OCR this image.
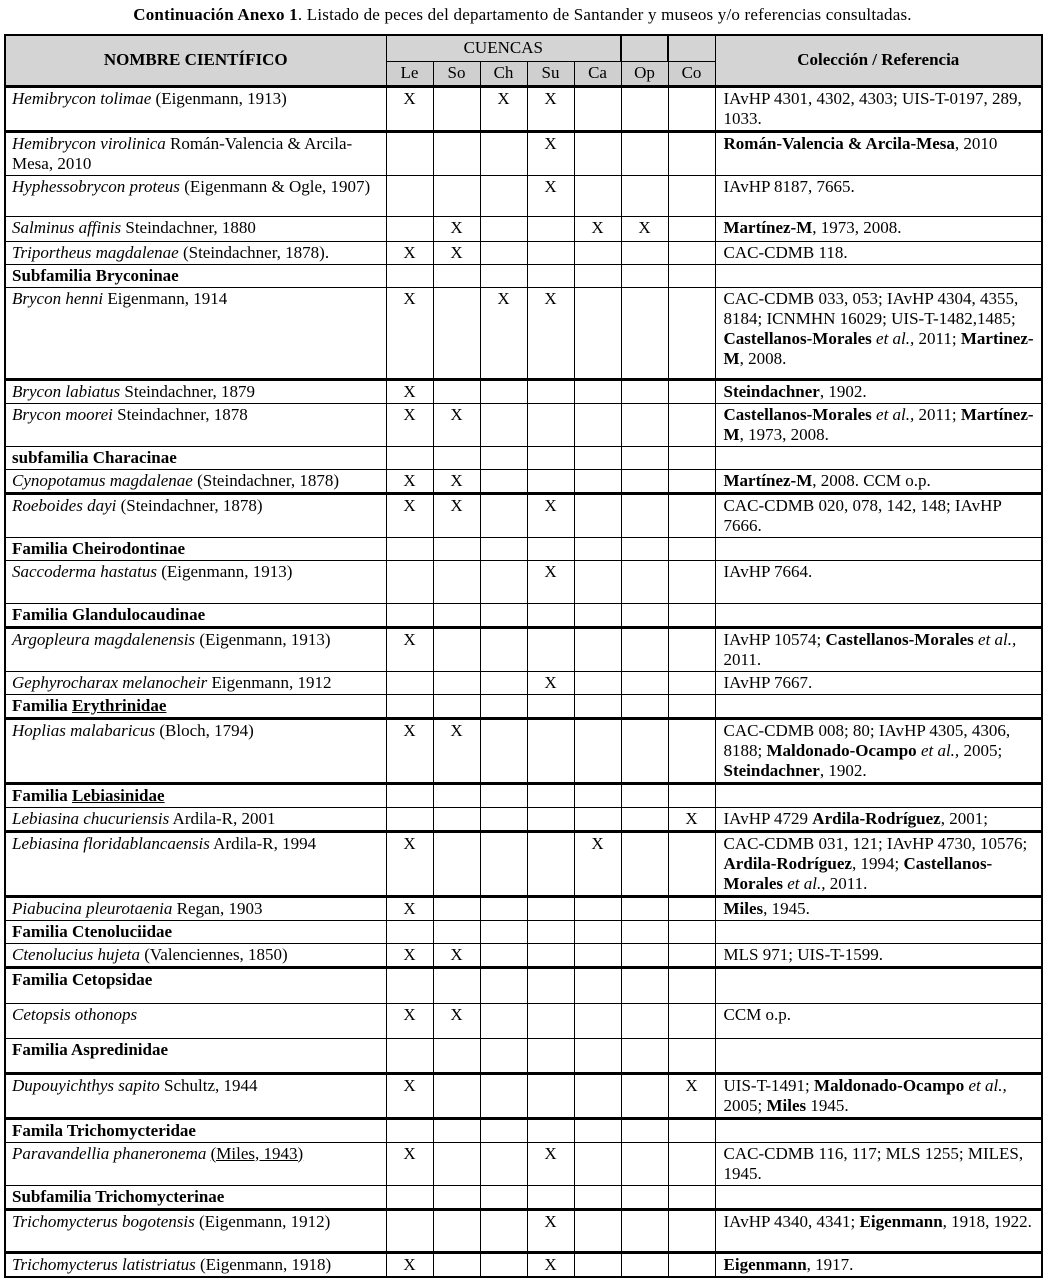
Continuación Anexo 1. Listado de peces del departamento de Santander y museos y/o referencias consultadas.
NOMBRE CIENTÍFICO	CUENCAS							Colección / Referencia
	Le	So	Ch	Su	Ca	Op	Co	
Hemibrycon tolimae (Eigenmann, 1913)	X		X	X				IAvHP 4301, 4302, 4303; UIS-T-0197, 289, 1033.
Hemibrycon virolinica Román-Valencia & Arcila-Mesa, 2010				X				Román-Valencia & Arcila-Mesa, 2010
Hyphessobrycon proteus (Eigenmann & Ogle, 1907)				X				IAvHP 8187, 7665.
Salminus affinis Steindachner, 1880		X			X	X		Martínez-M, 1973, 2008.
Triportheus magdalenae (Steindachner, 1878).	X	X						CAC-CDMB 118.
Subfamilia Bryconinae								
Brycon henni Eigenmann, 1914	X		X	X				CAC-CDMB 033, 053; IAvHP 4304, 4355, 8184; ICNMHN 16029; UIS-T-1482,1485; Castellanos-Morales et al., 2011; Martinez-M, 2008.
Brycon labiatus Steindachner, 1879	X							Steindachner, 1902.
Brycon moorei Steindachner, 1878	X	X						Castellanos-Morales et al., 2011; Martínez-M, 1973, 2008.
subfamilia Characinae								
Cynopotamus magdalenae (Steindachner, 1878)	X	X						Martínez-M, 2008. CCM o.p.
Roeboides dayi (Steindachner, 1878)	X	X		X				CAC-CDMB 020, 078, 142, 148; IAvHP 7666.
Familia Cheirodontinae								
Saccoderma hastatus (Eigenmann, 1913)				X				IAvHP 7664.
Familia Glandulocaudinae								
Argopleura magdalenensis (Eigenmann, 1913)	X							IAvHP 10574; Castellanos-Morales et al., 2011.
Gephyrocharax melanocheir Eigenmann, 1912				X				IAvHP 7667.
Familia Erythrinidae								
Hoplias malabaricus (Bloch, 1794)	X	X						CAC-CDMB 008; 80; IAvHP 4305, 4306, 8188; Maldonado-Ocampo et al., 2005; Steindachner, 1902.
Familia Lebiasinidae								
Lebiasina chucuriensis Ardila-R, 2001							X	IAvHP 4729 Ardila-Rodríguez, 2001;
Lebiasina floridablancaensis Ardila-R, 1994	X				X			CAC-CDMB 031, 121; IAvHP 4730, 10576; Ardila-Rodríguez, 1994; Castellanos-Morales et al., 2011.
Piabucina pleurotaenia Regan, 1903	X							Miles, 1945.
Familia Ctenoluciidae								
Ctenolucius hujeta (Valenciennes, 1850)	X	X						MLS 971; UIS-T-1599.
Familia Cetopsidae								
Cetopsis othonops	X	X						CCM o.p.
Familia Aspredinidae								
Dupouyichthys sapito Schultz, 1944	X						X	UIS-T-1491; Maldonado-Ocampo et al., 2005; Miles 1945.
Famila Trichomycteridae								
Paravandellia phaneronema (Miles, 1943)	X			X				CAC-CDMB 116, 117; MLS 1255; MILES, 1945.
Subfamilia Trichomycterinae								
Trichomycterus bogotensis (Eigenmann, 1912)				X				IAvHP 4340, 4341; Eigenmann, 1918, 1922.
Trichomycterus latistriatus (Eigenmann, 1918)	X			X				Eigenmann, 1917.
